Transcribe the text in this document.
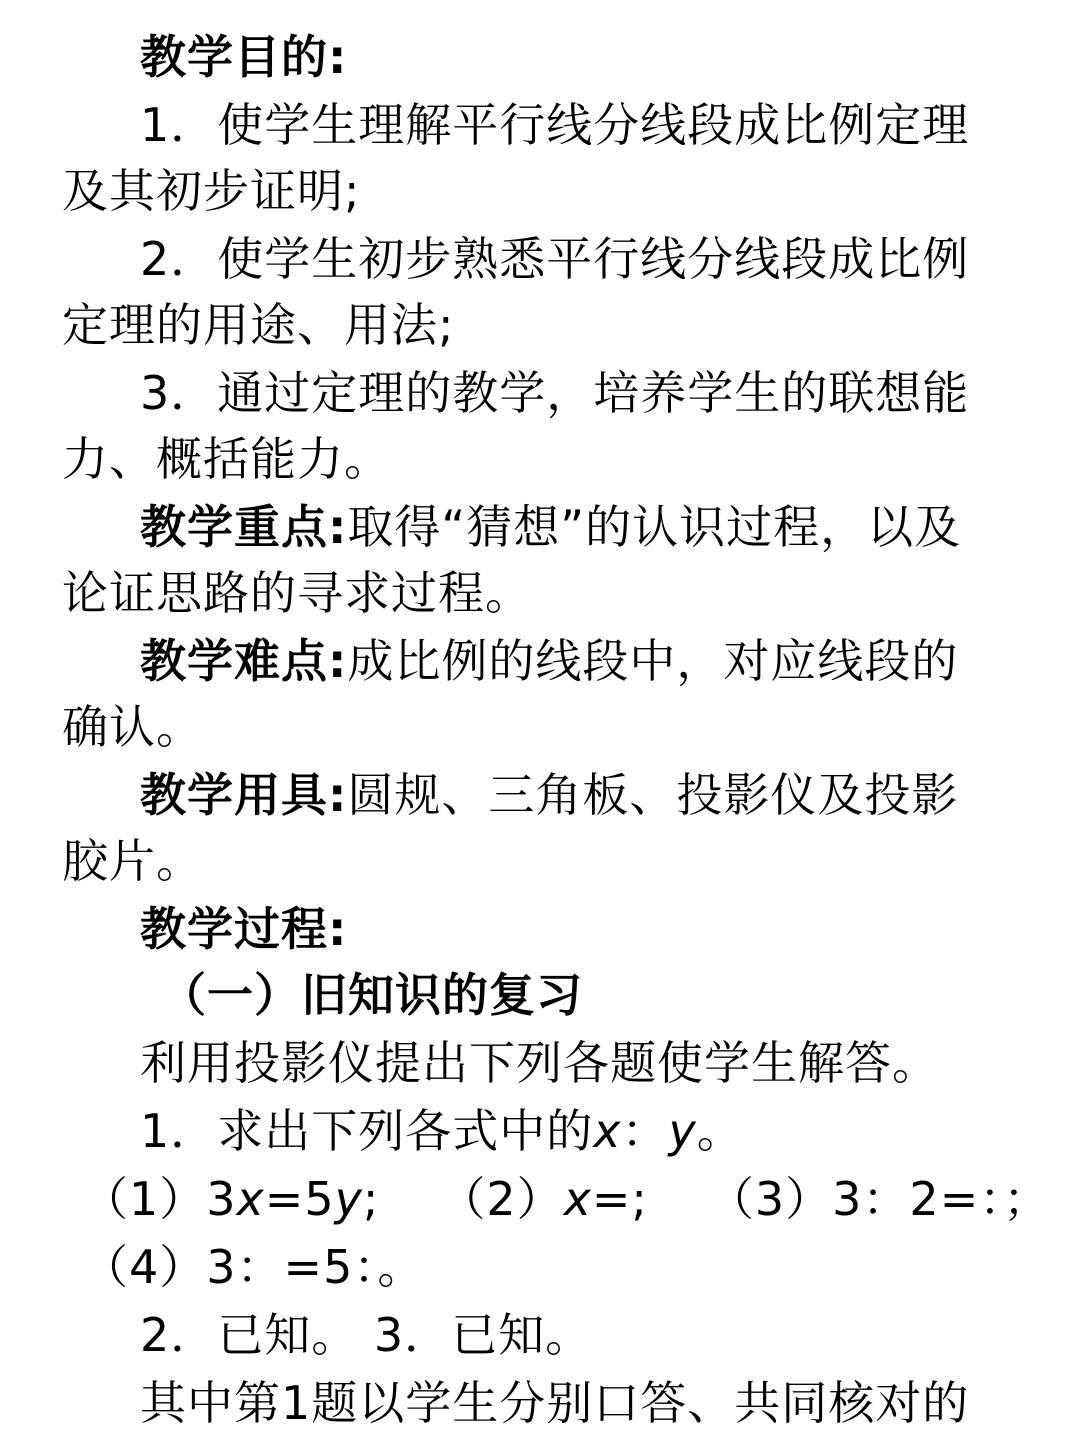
教学目的:
1．使学生理解平行线分线段成比例定理
及其初步证明;
2．使学生初步熟悉平行线分线段成比例
定理的用途、用法;
3．通过定理的教学，培养学生的联想能
力、概括能力。
教学重点:取得“猜想”的认识过程，以及
论证思路的寻求过程。
教学难点:成比例的线段中，对应线段的
确认。
教学用具:圆规、三角板、投影仪及投影
胶片。
教学过程:
（一）旧知识的复习
利用投影仪提出下列各题使学生解答。
1．求出下列各式中的x：y。
（1）3x=5y; （2）x=; （3）3：2=：；
（4）3：=5：。
2．已知。 3．已知。
其中第1题以学生分别口答、共同核对的
